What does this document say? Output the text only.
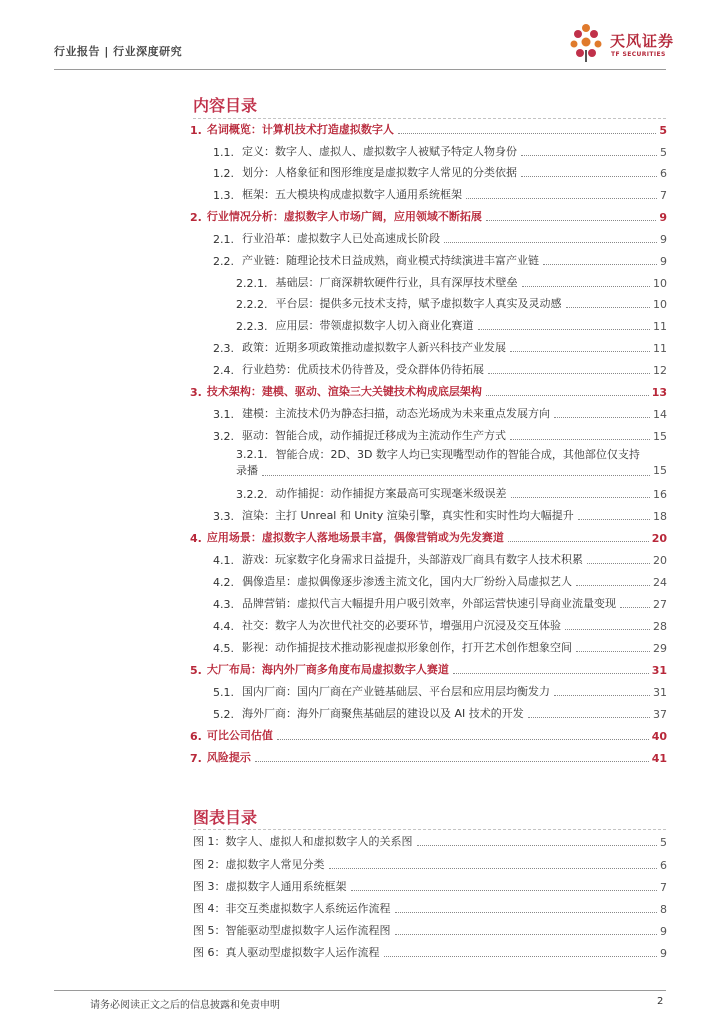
行业报告 | 行业深度研究
天风证券
TF SECURITIES
内容目录
1. 名词概览：计算机技术打造虚拟数字人	5
1.1. 定义：数字人、虚拟人、虚拟数字人被赋予特定人物身份	5
1.2. 划分：人格象征和图形维度是虚拟数字人常见的分类依据	6
1.3. 框架：五大模块构成虚拟数字人通用系统框架	7
2. 行业情况分析：虚拟数字人市场广阔，应用领域不断拓展	9
2.1. 行业沿革：虚拟数字人已处高速成长阶段	9
2.2. 产业链：随理论技术日益成熟，商业模式持续演进丰富产业链	9
2.2.1. 基础层：厂商深耕软硬件行业，具有深厚技术壁垒	10
2.2.2. 平台层：提供多元技术支持，赋予虚拟数字人真实及灵动感	10
2.2.3. 应用层：带领虚拟数字人切入商业化赛道	11
2.3. 政策：近期多项政策推动虚拟数字人新兴科技产业发展	11
2.4. 行业趋势：优质技术仍待普及，受众群体仍待拓展	12
3. 技术架构：建模、驱动、渲染三大关键技术构成底层架构	13
3.1. 建模：主流技术仍为静态扫描，动态光场成为未来重点发展方向	14
3.2. 驱动：智能合成，动作捕捉迁移成为主流动作生产方式	15
3.2.1. 智能合成：2D、3D 数字人均已实现嘴型动作的智能合成，其他部位仅支持
录播	15
3.2.2. 动作捕捉：动作捕捉方案最高可实现毫米级误差	16
3.3. 渲染：主打 Unreal 和 Unity 渲染引擎，真实性和实时性均大幅提升	18
4. 应用场景：虚拟数字人落地场景丰富，偶像营销或为先发赛道	20
4.1. 游戏：玩家数字化身需求日益提升，头部游戏厂商具有数字人技术积累	20
4.2. 偶像造星：虚拟偶像逐步渗透主流文化，国内大厂纷纷入局虚拟艺人	24
4.3. 品牌营销：虚拟代言大幅提升用户吸引效率，外部运营快速引导商业流量变现	27
4.4. 社交：数字人为次世代社交的必要环节，增强用户沉浸及交互体验	28
4.5. 影视：动作捕捉技术推动影视虚拟形象创作，打开艺术创作想象空间	29
5. 大厂布局：海内外厂商多角度布局虚拟数字人赛道	31
5.1. 国内厂商：国内厂商在产业链基础层、平台层和应用层均衡发力	31
5.2. 海外厂商：海外厂商聚焦基础层的建设以及 AI 技术的开发	37
6. 可比公司估值	40
7. 风险提示	41
图表目录
图 1：数字人、虚拟人和虚拟数字人的关系图	5
图 2：虚拟数字人常见分类	6
图 3：虚拟数字人通用系统框架	7
图 4：非交互类虚拟数字人系统运作流程	8
图 5：智能驱动型虚拟数字人运作流程图	9
图 6：真人驱动型虚拟数字人运作流程	9
请务必阅读正文之后的信息披露和免责申明	2
